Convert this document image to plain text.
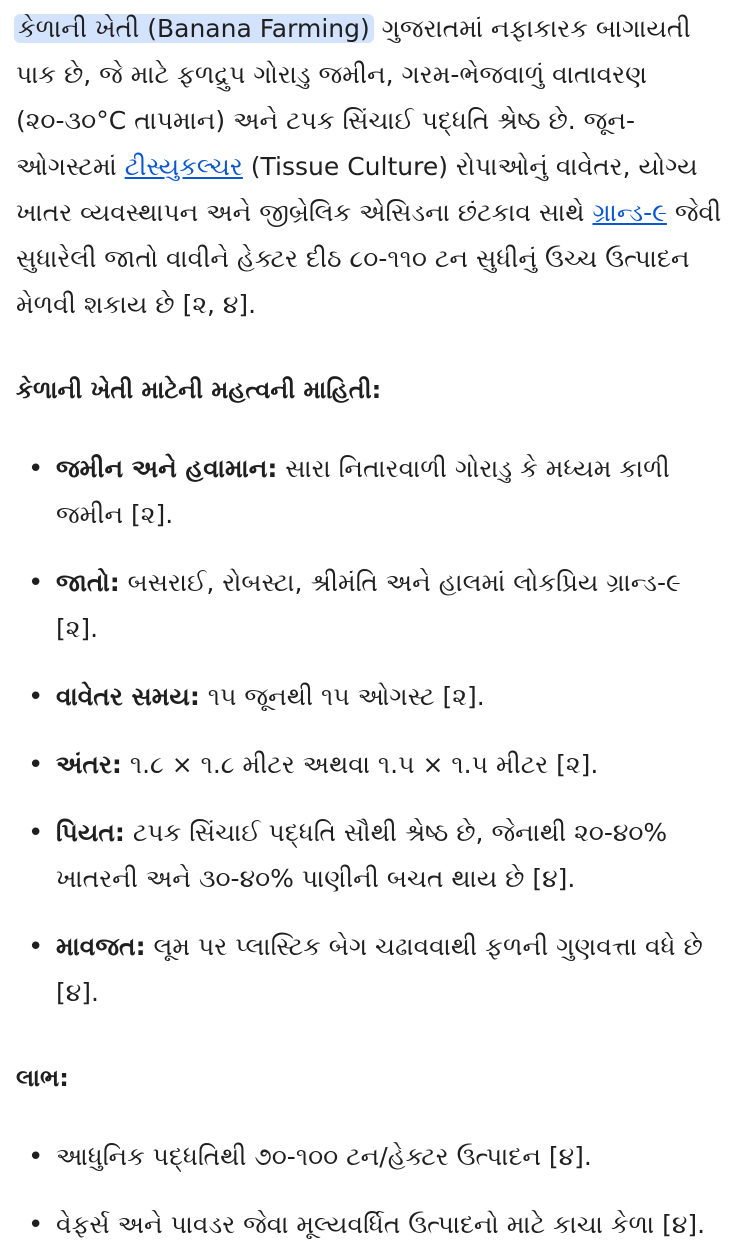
કેળાની ખેતી (Banana Farming) ગુજરાતમાં નફાકારક બાગાયતી પાક છે, જે માટે ફળદ્રુપ ગોરાડુ જમીન, ગરમ-ભેજવાળું વાતાવરણ (૨૦-૩૦°C તાપમાન) અને ટપક સિંચાઈ પદ્ધતિ શ્રેષ્ઠ છે. જૂન-ઓગસ્ટમાં ટીસ્યુકલ્ચર (Tissue Culture) રોપાઓનું વાવેતર, યોગ્ય ખાતર વ્યવસ્થાપન અને જીબ્રેલિક એસિડના છંટકાવ સાથે ગ્રાન્ડ-૯ જેવી સુધારેલી જાતો વાવીને હેક્ટર દીઠ ૮૦-૧૧૦ ટન સુધીનું ઉચ્ચ ઉત્પાદન મેળવી શકાય છે [૨, ૪].

કેળાની ખેતી માટેની મહત્વની માહિતી:
• જમીન અને હવામાન: સારા નિતારવાળી ગોરાડુ કે મધ્યમ કાળી જમીન [૨].
• જાતો: બસરાઈ, રોબસ્ટા, શ્રીમંતિ અને હાલમાં લોકપ્રિય ગ્રાન્ડ-૯ [૨].
• વાવેતર સમય: ૧૫ જૂનથી ૧૫ ઓગસ્ટ [૨].
• અંતર: ૧.૮ × ૧.૮ મીટર અથવા ૧.૫ × ૧.૫ મીટર [૨].
• પિયત: ટપક સિંચાઈ પદ્ધતિ સૌથી શ્રેષ્ઠ છે, જેનાથી ૨૦-૪૦% ખાતરની અને ૩૦-૪૦% પાણીની બચત થાય છે [૪].
• માવજત: લૂમ પર પ્લાસ્ટિક બેગ ચઢાવવાથી ફળની ગુણવત્તા વધે છે [૪].
લાભ:
• આધુનિક પદ્ધતિથી ૭૦-૧૦૦ ટન/હેક્ટર ઉત્પાદન [૪].
• વેફર્સ અને પાવડર જેવા મૂલ્યવર્ધિત ઉત્પાદનો માટે કાચા કેળા [૪].
